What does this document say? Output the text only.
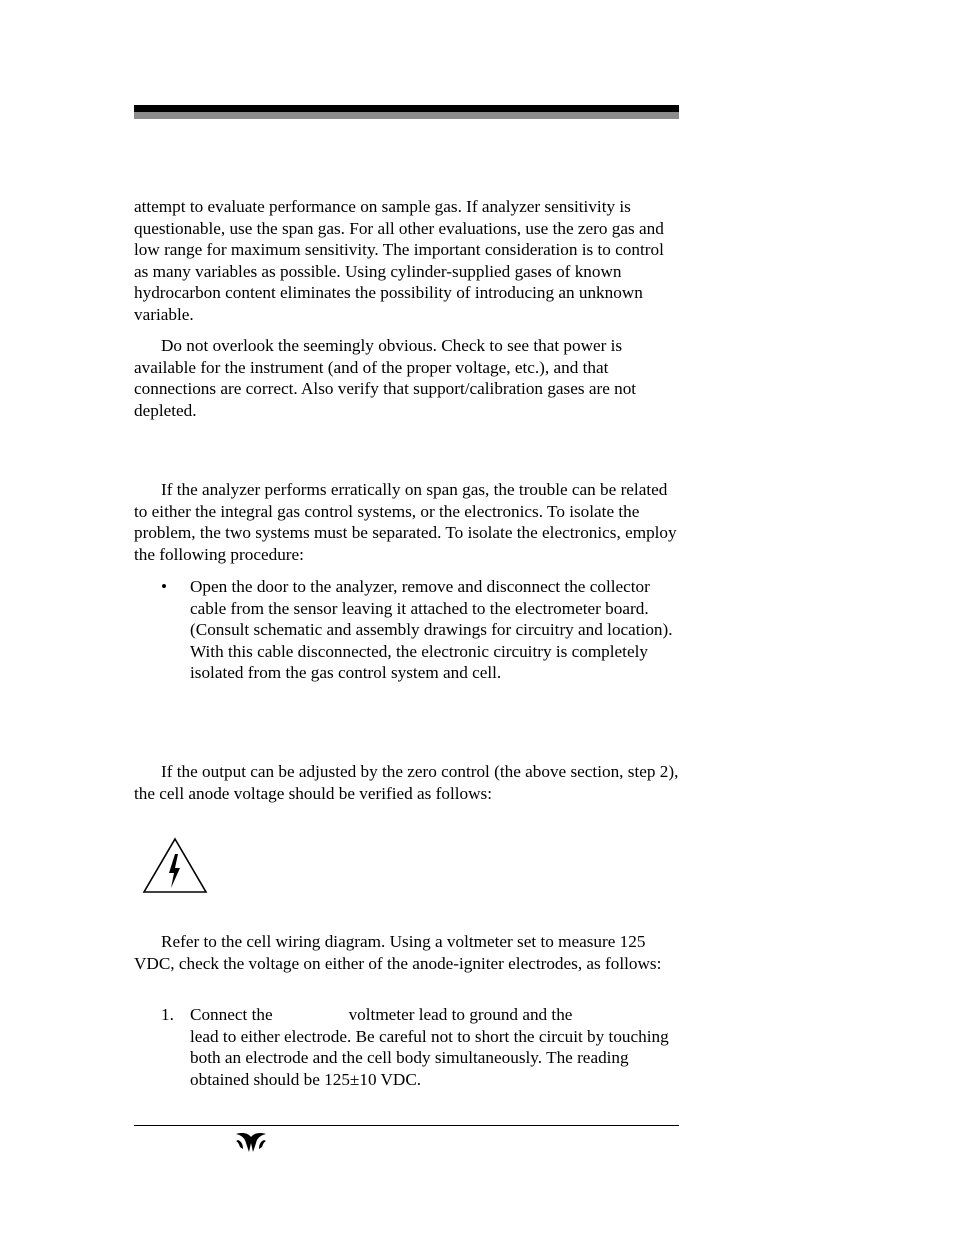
attempt to evaluate performance on sample gas. If analyzer sensitivity is questionable, use the span gas. For all other evaluations, use the zero gas and low range for maximum sensitivity. The important consideration is to control as many variables as possible. Using cylinder-supplied gases of known hydrocarbon content eliminates the possibility of introducing an unknown variable.

Do not overlook the seemingly obvious. Check to see that power is available for the instrument (and of the proper voltage, etc.), and that connections are correct. Also verify that support/calibration gases are not depleted.

If the analyzer performs erratically on span gas, the trouble can be related to either the integral gas control systems, or the electronics. To isolate the problem, the two systems must be separated. To isolate the electronics, employ the following procedure:

• Open the door to the analyzer, remove and disconnect the collector cable from the sensor leaving it attached to the electrometer board. (Consult schematic and assembly drawings for circuitry and location). With this cable disconnected, the electronic circuitry is completely isolated from the gas control system and cell.

If the output can be adjusted by the zero control (the above section, step 2), the cell anode voltage should be verified as follows:

Refer to the cell wiring diagram. Using a voltmeter set to measure 125 VDC, check the voltage on either of the anode-igniter electrodes, as follows:

1. Connect the	voltmeter lead to ground and the
lead to either electrode. Be careful not to short the circuit by touching both an electrode and the cell body simultaneously. The reading obtained should be 125±10 VDC.
